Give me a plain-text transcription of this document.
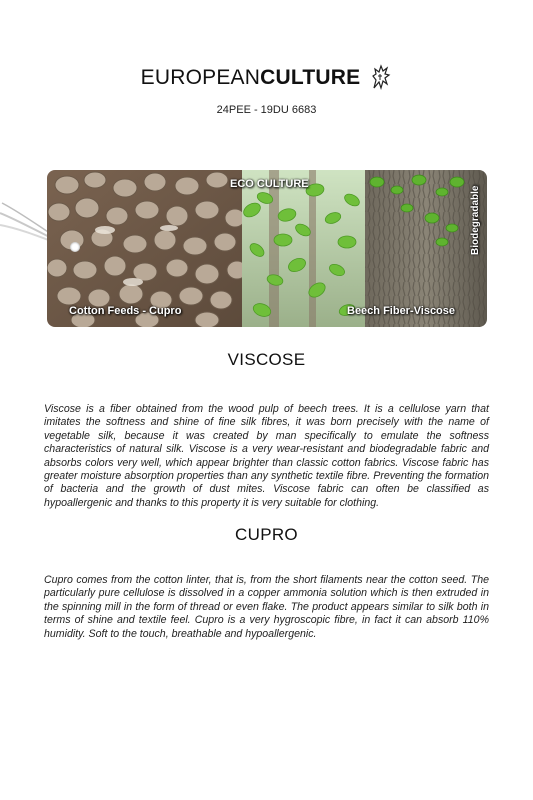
EUROPEANCULTURE
24PEE - 19DU 6683
ECO CULTURE
Biodegradable
Cotton Feeds - Cupro	Beech Fiber-Viscose
VISCOSE

Viscose is a fiber obtained from the wood pulp of beech trees. It is a cellulose yarn that imitates the softness and shine of fine silk fibres, it was born precisely with the name of vegetable silk, because it was created by man specifically to emulate the softness characteristics of natural silk. Viscose is a very wear-resistant and biodegradable fabric and absorbs colors very well, which appear brighter than classic cotton fabrics. Viscose fabric has greater moisture absorption properties than any synthetic textile fibre. Preventing the formation of bacteria and the growth of dust mites. Viscose fabric can often be classified as hypoallergenic and thanks to this property it is very suitable for clothing.

CUPRO

Cupro comes from the cotton linter, that is, from the short filaments near the cotton seed. The particularly pure cellulose is dissolved in a copper ammonia solution which is then extruded in the spinning mill in the form of thread or even flake. The product appears similar to silk both in terms of shine and textile feel. Cupro is a very hygroscopic fibre, in fact it can absorb 110% humidity. Soft to the touch, breathable and hypoallergenic.
